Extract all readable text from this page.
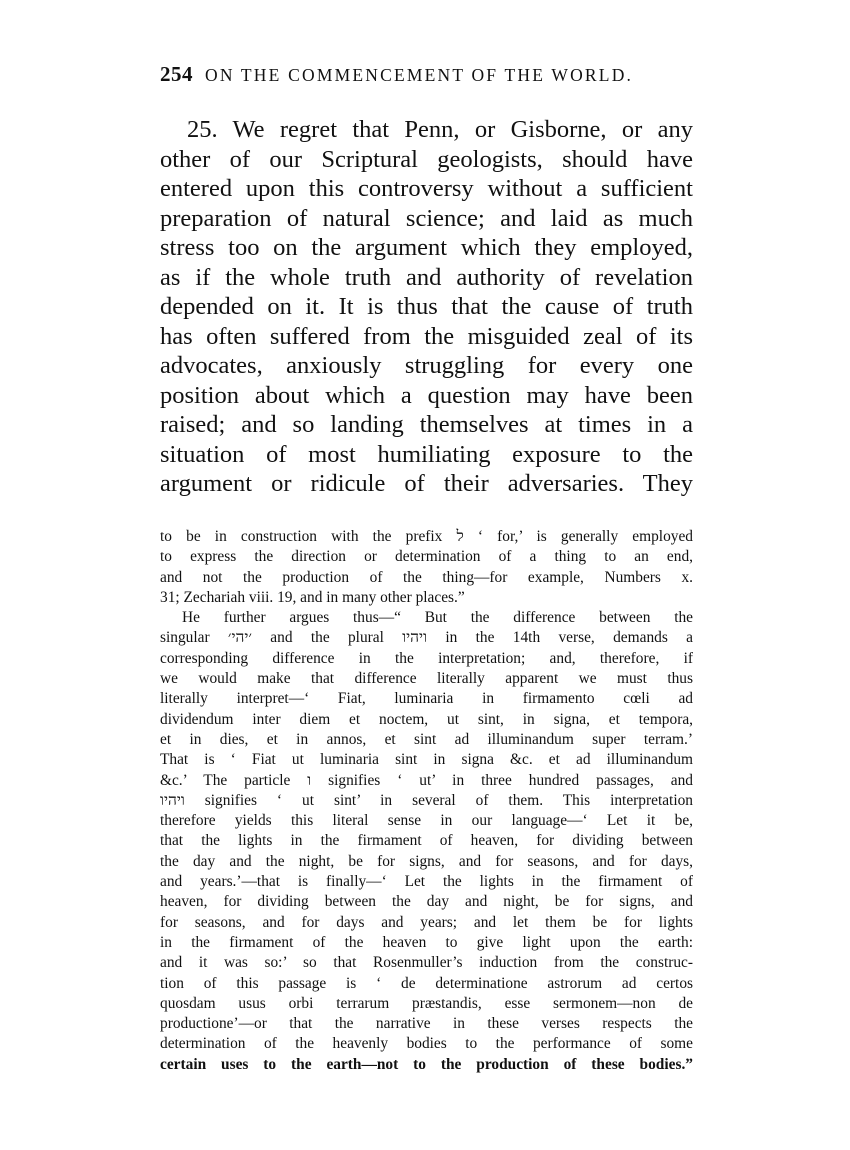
254 ON THE COMMENCEMENT OF THE WORLD.
25. We regret that Penn, or Gisborne, or any
other of our Scriptural geologists, should have
entered upon this controversy without a sufficient
preparation of natural science; and laid as much
stress too on the argument which they employed,
as if the whole truth and authority of revelation
depended on it. It is thus that the cause of truth
has often suffered from the misguided zeal of its
advocates, anxiously struggling for every one
position about which a question may have been
raised; and so landing themselves at times in a
situation of most humiliating exposure to the
argument or ridicule of their adversaries. They
to be in construction with the prefix ל ‘ for,’ is generally employed
to express the direction or determination of a thing to an end,
and not the production of the thing—for example, Numbers x.
31; Zechariah viii. 19, and in many other places.”
He further argues thus—“ But the difference between the
singular ׳יהי׳ and the plural ויהיו in the 14th verse, demands a
corresponding difference in the interpretation; and, therefore, if
we would make that difference literally apparent we must thus
literally interpret—‘ Fiat, luminaria in firmamento cœli ad
divi⁠d⁠endum inter diem et noctem, ut sint, in signa, et tempora,
et in dies, et in annos, et sint ad illuminandum super terram.’
That is ‘ Fiat ut luminaria sint in signa &c. et ad illuminandum
&c.’ The particle ו signifies ‘ ut’ in three hundred passages, and
ויהיו signifies ‘ ut sint’ in several of them. This interpretation
therefore yields this literal sense in our language—‘ Let it be,
that the lights in the firmament of heaven, for dividing between
the day and the night, be for signs, and for seasons, and for days,
and years.’—that is finally—‘ Let the lights in the firmament of
heaven, for dividing between the day and night, be for signs, and
for seasons, and for days and years; and let them be for lights
in the firmament of the heaven to give light upon the earth:
and it was so:’ so that Rosenmuller’s induction from the construc-
tion of this passage is ‘ de determinatione astrorum ad certos
quosdam usus orbi terrarum præstandis, esse sermonem—non de
productione’—or that the narrative in these verses respects the
determination of the heavenly bodies to the performance of some
certain uses to the earth—not to the production of these bodies.”
